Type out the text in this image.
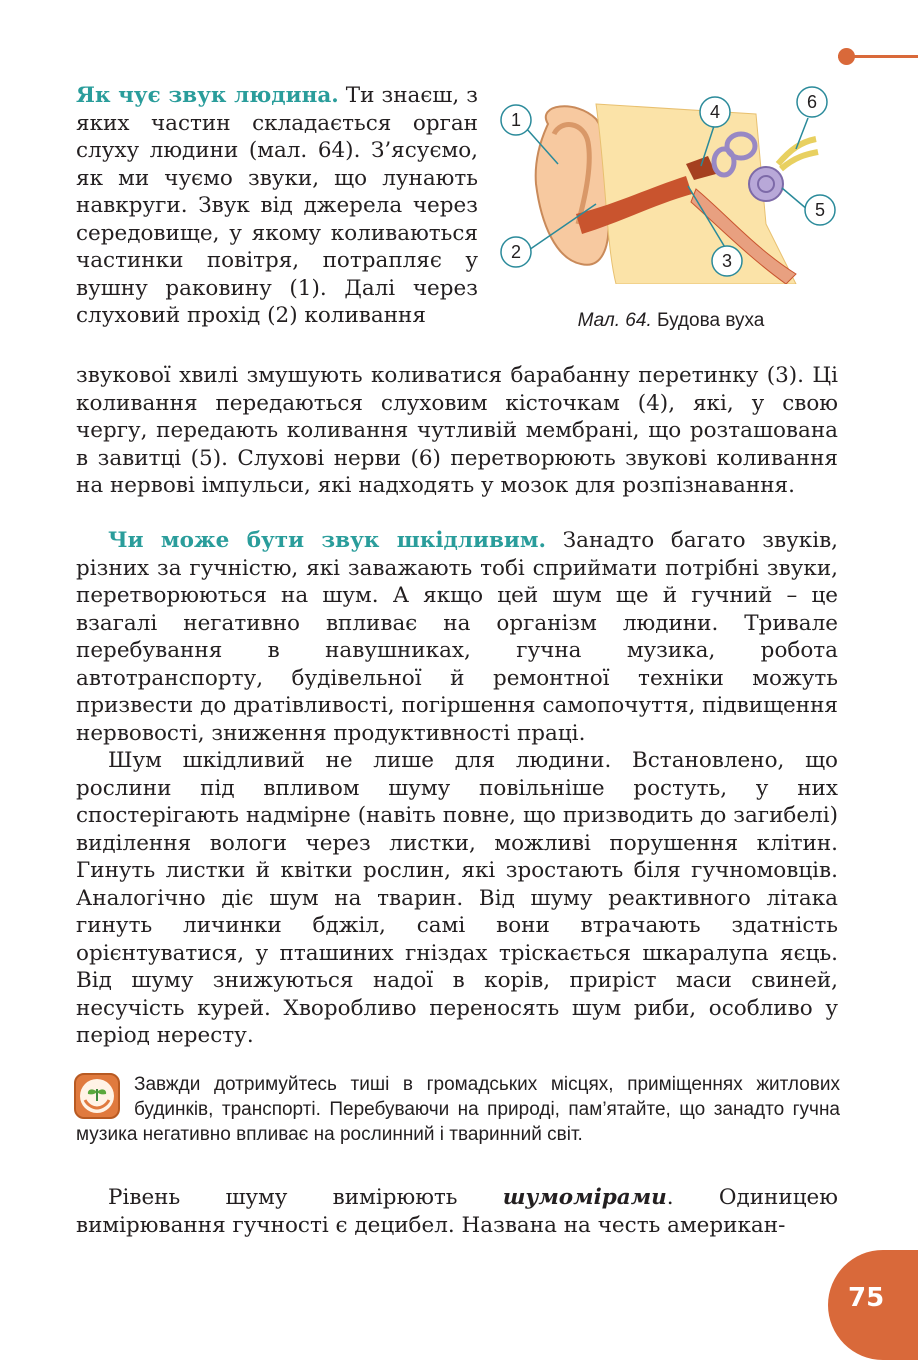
Як чує звук людина. Ти знаєш, з яких частин складається орган слуху людини (мал. 64). З’ясуємо, як ми чуємо звуки, що лунають навкруги. Звук від джерела через середовище, у якому коливаються частинки повітря, потрапляє у вушну раковину (1). Далі через слуховий прохід (2) коливання

1
2	3
4
5
6
Мал. 64. Будова вуха

звукової хвилі змушують коливатися барабанну перетинку (3). Ці коливання передаються слуховим кісточкам (4), які, у свою чергу, передають коливання чутливій мембрані, що розташована в завитці (5). Слухові нерви (6) перетворюють звукові коливання на нервові імпульси, які надходять у мозок для розпізнавання.

Чи може бути звук шкідливим. Занадто багато звуків, різних за гучністю, які заважають тобі сприймати потрібні звуки, перетворюються на шум. А якщо цей шум ще й гучний – це взагалі негативно впливає на організм людини. Тривале перебування в навушниках, гучна музика, робота автотранспорту, будівельної й ремонтної техніки можуть призвести до дратівливості, погіршення самопочуття, підвищення нервовості, зниження продуктивності праці.

Шум шкідливий не лише для людини. Встановлено, що рослини під впливом шуму повільніше ростуть, у них спостерігають надмірне (навіть повне, що призводить до загибелі) виділення вологи через листки, можливі порушення клітин. Гинуть листки й квітки рослин, які зростають біля гучномовців. Аналогічно діє шум на тварин. Від шуму реактивного літака гинуть личинки бджіл, самі вони втрачають здатність орієнтуватися, у пташиних гніздах тріскається шкаралупа яєць. Від шуму знижуються надої в корів, приріст маси свиней, несучість курей. Хворобливо переносять шум риби, особливо у період нересту.

Завжди дотримуйтесь тиші в громадських місцях, приміщеннях житлових будинків, транспорті. Перебуваючи на природі, пам’ятайте, що занадто гучна музика негативно впливає на рослинний і тваринний світ.

Рівень шуму вимірюють шумомірами. Одиницею вимірювання гучності є децибел. Названа на честь американ-

75
